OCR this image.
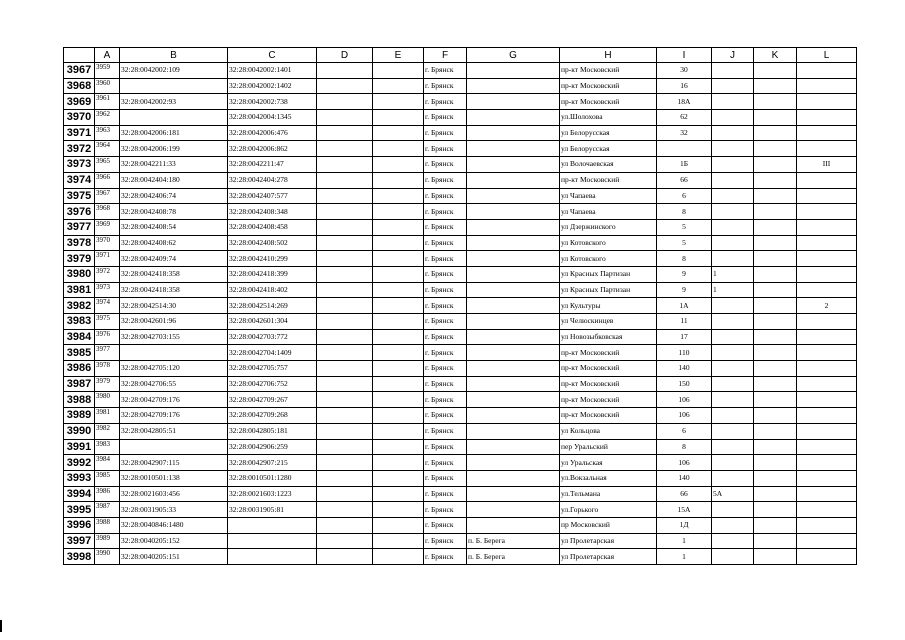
	A	B	C	D	E	F	G	H	I	J	K	L
3967	3959	32:28:0042002:109	32:28:0042002:1401			г. Брянск		пр-кт Московский	30			
3968	3960		32:28:0042002:1402			г. Брянск		пр-кт Московский	16			
3969	3961	32:28:0042002:93	32:28:0042002:738			г. Брянск		пр-кт Московский	18А			
3970	3962		32:28:0042004:1345			г. Брянск		ул.Шолохова	62			
3971	3963	32:28:0042006:181	32:28:0042006:476			г. Брянск		ул Белорусская	32			
3972	3964	32:28:0042006:199	32:28:0042006:862			г. Брянск		ул Белорусская				
3973	3965	32:28:0042211:33	32:28:0042211:47			г. Брянск		ул Волочаевская	1Б			III
3974	3966	32:28:0042404:180	32:28:0042404:278			г. Брянск		пр-кт Московский	66			
3975	3967	32:28:0042406:74	32:28:0042407:577			г. Брянск		ул Чапаева	6			
3976	3968	32:28:0042408:78	32:28:0042408:348			г. Брянск		ул Чапаева	8			
3977	3969	32:28:0042408:54	32:28:0042408:458			г. Брянск		ул Дзержинского	5			
3978	3970	32:28:0042408:62	32:28:0042408:502			г. Брянск		ул Котовского	5			
3979	3971	32:28:0042409:74	32:28:0042410:299			г. Брянск		ул Котовского	8			
3980	3972	32:28:0042418:358	32:28:0042418:399			г. Брянск		ул Красных Партизан	9	1		
3981	3973	32:28:0042418:358	32:28:0042418:402			г. Брянск		ул Красных Партизан	9	1		
3982	3974	32:28:0042514:30	32:28:0042514:269			г. Брянск		ул Культуры	1А			2
3983	3975	32:28:0042601:96	32:28:0042601:304			г. Брянск		ул Челюскинцев	11			
3984	3976	32:28:0042703:155	32:28:0042703:772			г. Брянск		ул Новозыбковская	17			
3985	3977		32:28:0042704:1409			г. Брянск		пр-кт Московский	110			
3986	3978	32:28:0042705:120	32:28:0042705:757			г. Брянск		пр-кт Московский	140			
3987	3979	32:28:0042706:55	32:28:0042706:752			г. Брянск		пр-кт Московский	150			
3988	3980	32:28:0042709:176	32:28:0042709:267			г. Брянск		пр-кт Московский	106			
3989	3981	32:28:0042709:176	32:28:0042709:268			г. Брянск		пр-кт Московский	106			
3990	3982	32:28:0042805:51	32:28:0042805:181			г. Брянск		ул Кольцова	6			
3991	3983		32:28:0042906:259			г. Брянск		пер Уральский	8			
3992	3984	32:28:0042907:115	32:28:0042907:215			г. Брянск		ул Уральская	106			
3993	3985	32:28:0010501:138	32:28:0010501:1280			г. Брянск		ул.Вокзальная	140			
3994	3986	32:28:0021603:456	32:28:0021603:1223			г. Брянск		ул.Тельмана	66	5А		
3995	3987	32:28:0031905:33	32:28:0031905:81			г. Брянск		ул.Горького	15А			
3996	3988	32:28:0040846:1480				г. Брянск		пр Московский	1Д			
3997	3989	32:28:0040205:152				г. Брянск	п. Б. Берега	ул Пролетарская	1			
3998	3990	32:28:0040205:151				г. Брянск	п. Б. Берега	ул Пролетарская	1			
